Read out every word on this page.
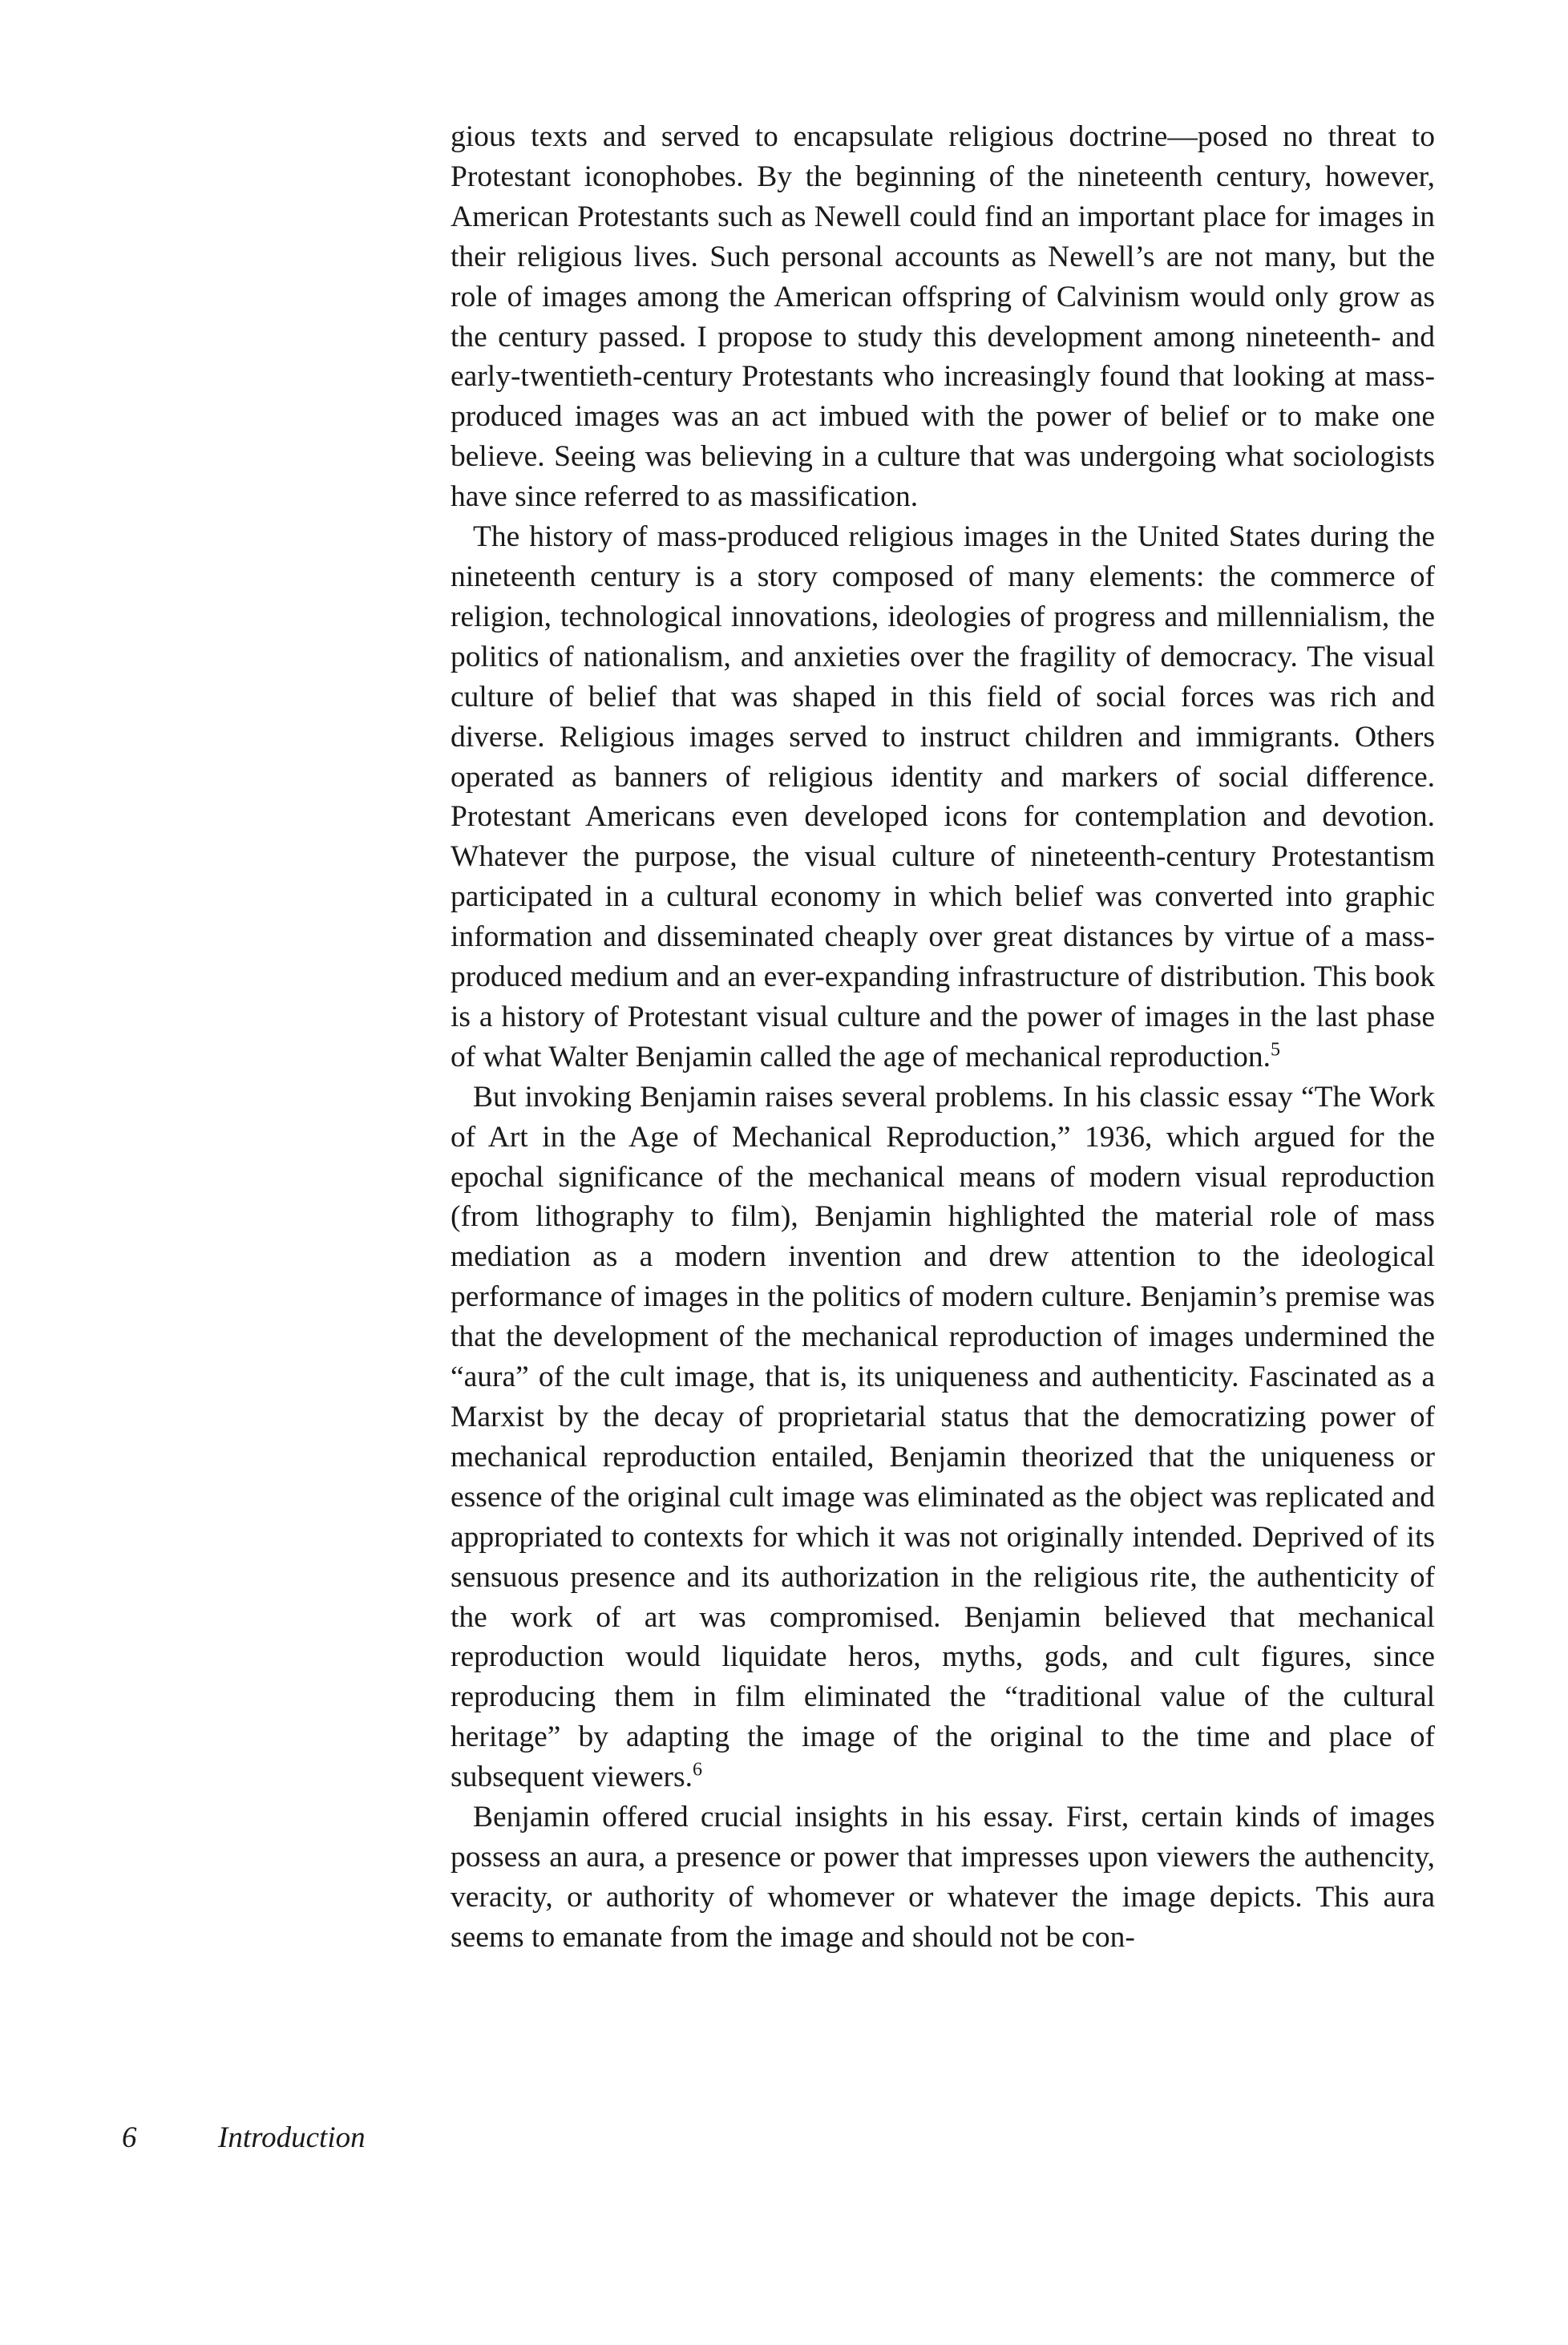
gious texts and served to encapsulate religious doctrine—posed no threat to Protestant iconophobes. By the beginning of the nineteenth century, however, American Protestants such as Newell could find an important place for images in their religious lives. Such personal accounts as Newell’s are not many, but the role of images among the American offspring of Calvinism would only grow as the century passed. I propose to study this development among nineteenth- and early-twentieth-century Protestants who increasingly found that looking at mass-produced images was an act imbued with the power of belief or to make one believe. Seeing was believing in a culture that was undergoing what sociologists have since referred to as massification.

The history of mass-produced religious images in the United States during the nineteenth century is a story composed of many elements: the commerce of religion, technological innovations, ideologies of progress and millennialism, the politics of nationalism, and anxieties over the fragility of democracy. The visual culture of belief that was shaped in this field of social forces was rich and diverse. Religious images served to instruct children and immigrants. Others operated as banners of religious identity and markers of social difference. Protestant Americans even developed icons for contemplation and devotion. Whatever the purpose, the visual culture of nineteenth-century Protestantism participated in a cultural economy in which belief was converted into graphic information and disseminated cheaply over great distances by virtue of a mass-produced medium and an ever-expanding infrastructure of distribution. This book is a history of Protestant visual culture and the power of images in the last phase of what Walter Benjamin called the age of mechanical reproduction.$^5$

But invoking Benjamin raises several problems. In his classic essay “The Work of Art in the Age of Mechanical Reproduction,” 1936, which argued for the epochal significance of the mechanical means of modern visual reproduction (from lithography to film), Benjamin highlighted the material role of mass mediation as a modern invention and drew attention to the ideological performance of images in the politics of modern culture. Benjamin’s premise was that the development of the mechanical reproduction of images undermined the “aura” of the cult image, that is, its uniqueness and authenticity. Fascinated as a Marxist by the decay of proprietarial status that the democratizing power of mechanical reproduction entailed, Benjamin theorized that the uniqueness or essence of the original cult image was eliminated as the object was replicated and appropriated to contexts for which it was not originally intended. Deprived of its sensuous presence and its authorization in the religious rite, the authenticity of the work of art was compromised. Benjamin believed that mechanical reproduction would liquidate heros, myths, gods, and cult figures, since reproducing them in film eliminated the “traditional value of the cultural heritage” by adapting the image of the original to the time and place of subsequent viewers.$^6$

Benjamin offered crucial insights in his essay. First, certain kinds of images possess an aura, a presence or power that impresses upon viewers the authencity, veracity, or authority of whomever or whatever the image depicts. This aura seems to emanate from the image and should not be con-

6	Introduction
